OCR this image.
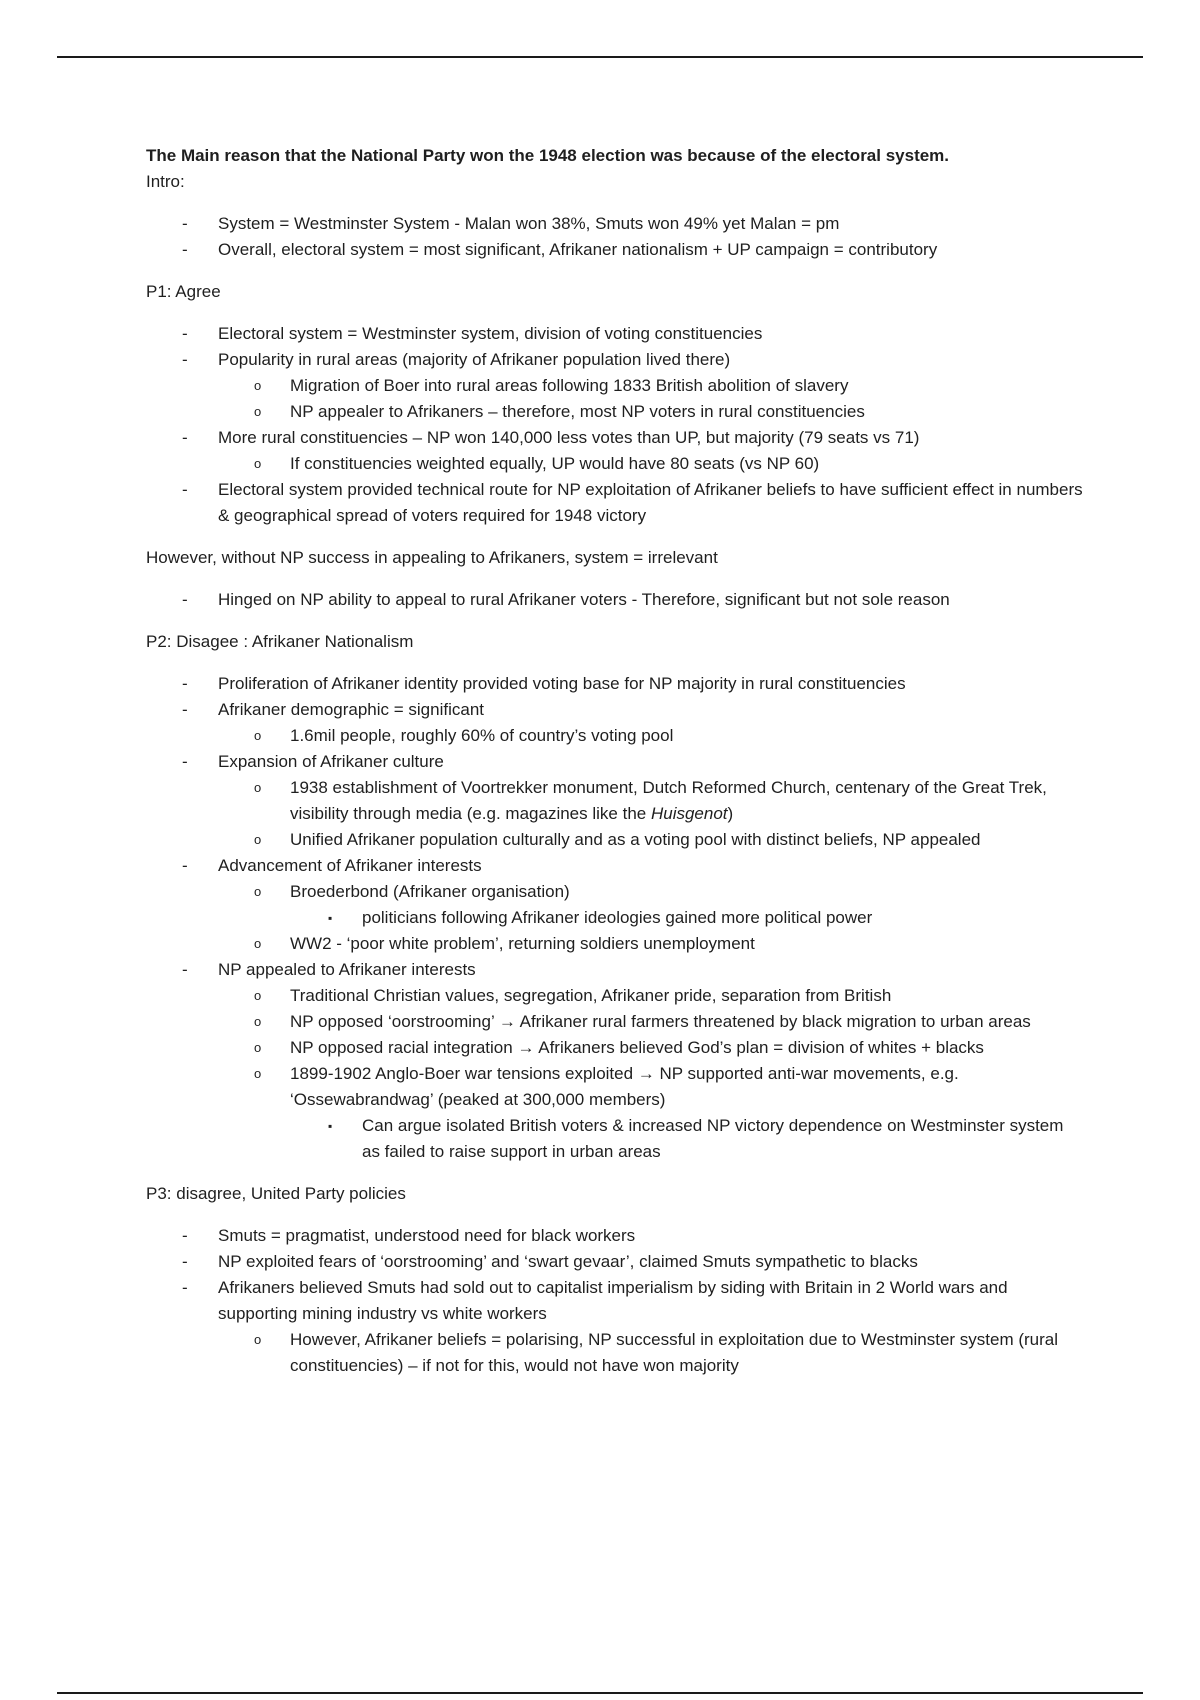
The Main reason that the National Party won the 1948 election was because of the electoral system.
Intro:
- System = Westminster System - Malan won 38%, Smuts won 49% yet Malan = pm
- Overall, electoral system = most significant, Afrikaner nationalism + UP campaign = contributory
P1: Agree
- Electoral system = Westminster system, division of voting constituencies
- Popularity in rural areas (majority of Afrikaner population lived there)
o	Migration of Boer into rural areas following 1833 British abolition of slavery
o	NP appealer to Afrikaners – therefore, most NP voters in rural constituencies
- More rural constituencies – NP won 140,000 less votes than UP, but majority (79 seats vs 71)
o	If constituencies weighted equally, UP would have 80 seats (vs NP 60)
- Electoral system provided technical route for NP exploitation of Afrikaner beliefs to have sufficient effect in numbers & geographical spread of voters required for 1948 victory
However, without NP success in appealing to Afrikaners, system = irrelevant
- Hinged on NP ability to appeal to rural Afrikaner voters - Therefore, significant but not sole reason
P2: Disagee : Afrikaner Nationalism
- Proliferation of Afrikaner identity provided voting base for NP majority in rural constituencies
- Afrikaner demographic = significant
o	1.6mil people, roughly 60% of country’s voting pool
- Expansion of Afrikaner culture
o	1938 establishment of Voortrekker monument, Dutch Reformed Church, centenary of the Great Trek, visibility through media (e.g. magazines like the Huisgenot)
o	Unified Afrikaner population culturally and as a voting pool with distinct beliefs, NP appealed
- Advancement of Afrikaner interests
o	Broederbond (Afrikaner organisation)
▪	politicians following Afrikaner ideologies gained more political power
o	WW2 - ‘poor white problem’, returning soldiers unemployment
- NP appealed to Afrikaner interests
o	Traditional Christian values, segregation, Afrikaner pride, separation from British
o	NP opposed ‘oorstrooming’ → Afrikaner rural farmers threatened by black migration to urban areas
o	NP opposed racial integration → Afrikaners believed God’s plan = division of whites + blacks
o	1899-1902 Anglo-Boer war tensions exploited → NP supported anti-war movements, e.g. ‘Ossewabrandwag’ (peaked at 300,000 members)
▪	Can argue isolated British voters & increased NP victory dependence on Westminster system as failed to raise support in urban areas
P3: disagree, United Party policies
- Smuts = pragmatist, understood need for black workers
- NP exploited fears of ‘oorstrooming’ and ‘swart gevaar’, claimed Smuts sympathetic to blacks
- Afrikaners believed Smuts had sold out to capitalist imperialism by siding with Britain in 2 World wars and supporting mining industry vs white workers
o	However, Afrikaner beliefs = polarising, NP successful in exploitation due to Westminster system (rural constituencies) – if not for this, would not have won majority
